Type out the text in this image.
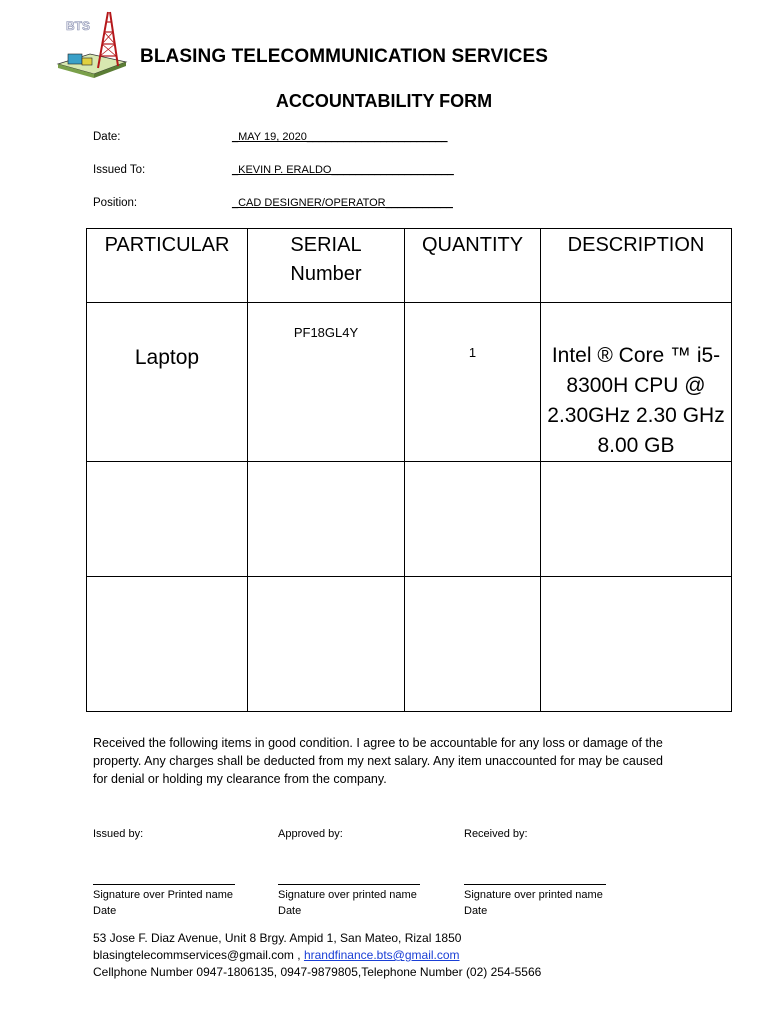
BTS
BLASING TELECOMMUNICATION SERVICES
ACCOUNTABILITY FORM
Date:	_MAY 19, 2020_______________________
Issued To:	_KEVIN P. ERALDO____________________
Position:	_CAD DESIGNER/OPERATOR___________
PARTICULAR	SERIAL Number	QUANTITY	DESCRIPTION
Laptop	PF18GL4Y	1	Intel ® Core ™ i5-8300H CPU @ 2.30GHz 2.30 GHz 8.00 GB

Received the following items in good condition. I agree to be accountable for any loss or damage of the property. Any charges shall be deducted from my next salary. Any item unaccounted for may be caused for denial or holding my clearance from the company.
Issued by:	Approved by:	Received by:
Signature over Printed name
Date
Signature over printed name
Date
Signature over printed name
Date
53 Jose F. Diaz Avenue, Unit 8 Brgy. Ampid 1, San Mateo, Rizal 1850
blasingtelecommservices@gmail.com , hrandfinance.bts@gmail.com
Cellphone Number 0947-1806135, 0947-9879805,Telephone Number (02) 254-5566
